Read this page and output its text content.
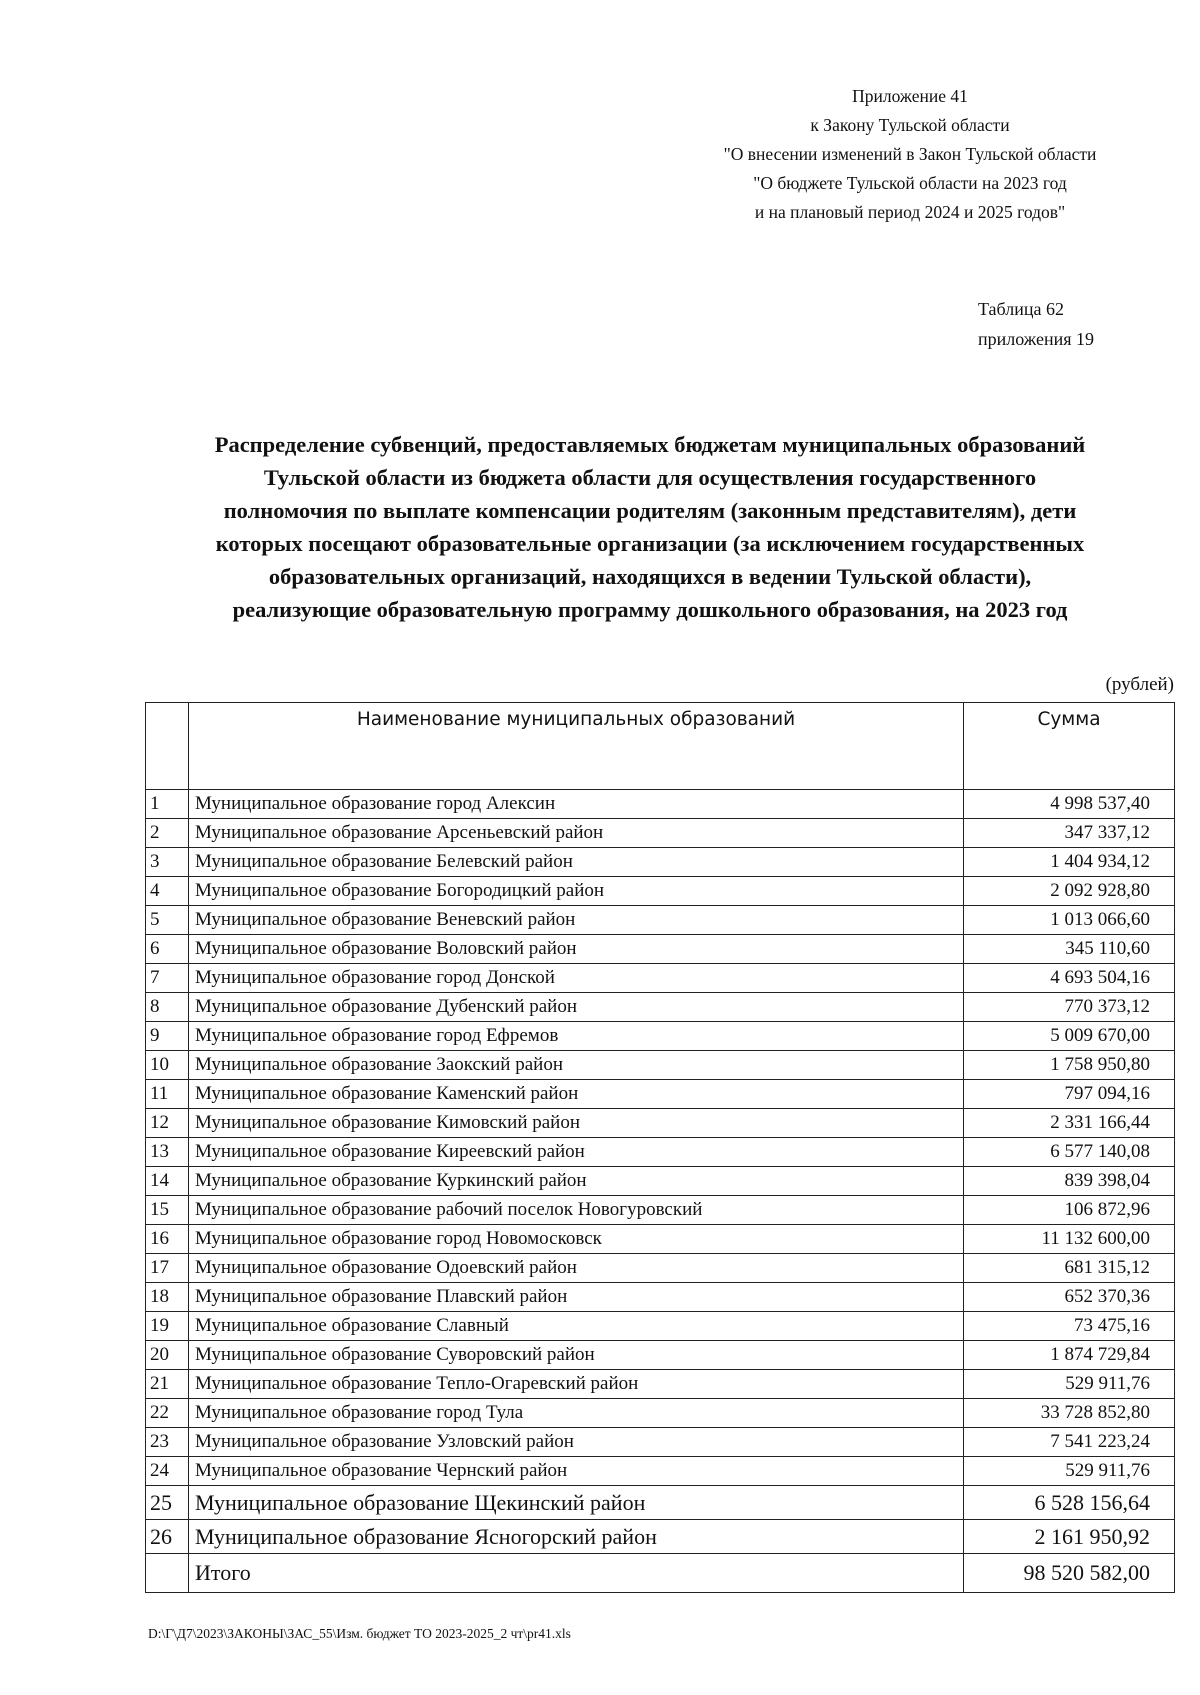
Приложение 41
к Закону Тульской области
"О внесении изменений в Закон Тульской области
"О бюджете Тульской области на 2023 год
и на плановый период 2024 и 2025 годов"
Таблица 62
приложения 19
Распределение субвенций, предоставляемых бюджетам муниципальных образований
Тульской области из бюджета области для осуществления государственного
полномочия по выплате компенсации родителям (законным представителям), дети
которых посещают образовательные организации (за исключением государственных
образовательных организаций, находящихся в ведении Тульской области),
реализующие образовательную программу дошкольного образования, на 2023 год
(рублей)
	Наименование муниципальных образований	Сумма
1	Муниципальное образование город Алексин	4 998 537,40
2	Муниципальное образование Арсеньевский район	347 337,12
3	Муниципальное образование Белевский район	1 404 934,12
4	Муниципальное образование Богородицкий район	2 092 928,80
5	Муниципальное образование Веневский район	1 013 066,60
6	Муниципальное образование Воловский район	345 110,60
7	Муниципальное образование город Донской	4 693 504,16
8	Муниципальное образование Дубенский район	770 373,12
9	Муниципальное образование город Ефремов	5 009 670,00
10	Муниципальное образование Заокский район	1 758 950,80
11	Муниципальное образование Каменский район	797 094,16
12	Муниципальное образование Кимовский район	2 331 166,44
13	Муниципальное образование Киреевский район	6 577 140,08
14	Муниципальное образование Куркинский район	839 398,04
15	Муниципальное образование рабочий поселок Новогуровский	106 872,96
16	Муниципальное образование город Новомосковск	11 132 600,00
17	Муниципальное образование Одоевский район	681 315,12
18	Муниципальное образование Плавский район	652 370,36
19	Муниципальное образование Славный	73 475,16
20	Муниципальное образование Суворовский район	1 874 729,84
21	Муниципальное образование Тепло-Огаревский район	529 911,76
22	Муниципальное образование город Тула	33 728 852,80
23	Муниципальное образование Узловский район	7 541 223,24
24	Муниципальное образование Чернский район	529 911,76
25	Муниципальное образование Щекинский район	6 528 156,64
26	Муниципальное образование Ясногорский район	2 161 950,92
	Итого	98 520 582,00
D:\Г\Д7\2023\ЗАКОНЫ\ЗАС_55\Изм. бюджет ТО 2023-2025_2 чт\pr41.xls
